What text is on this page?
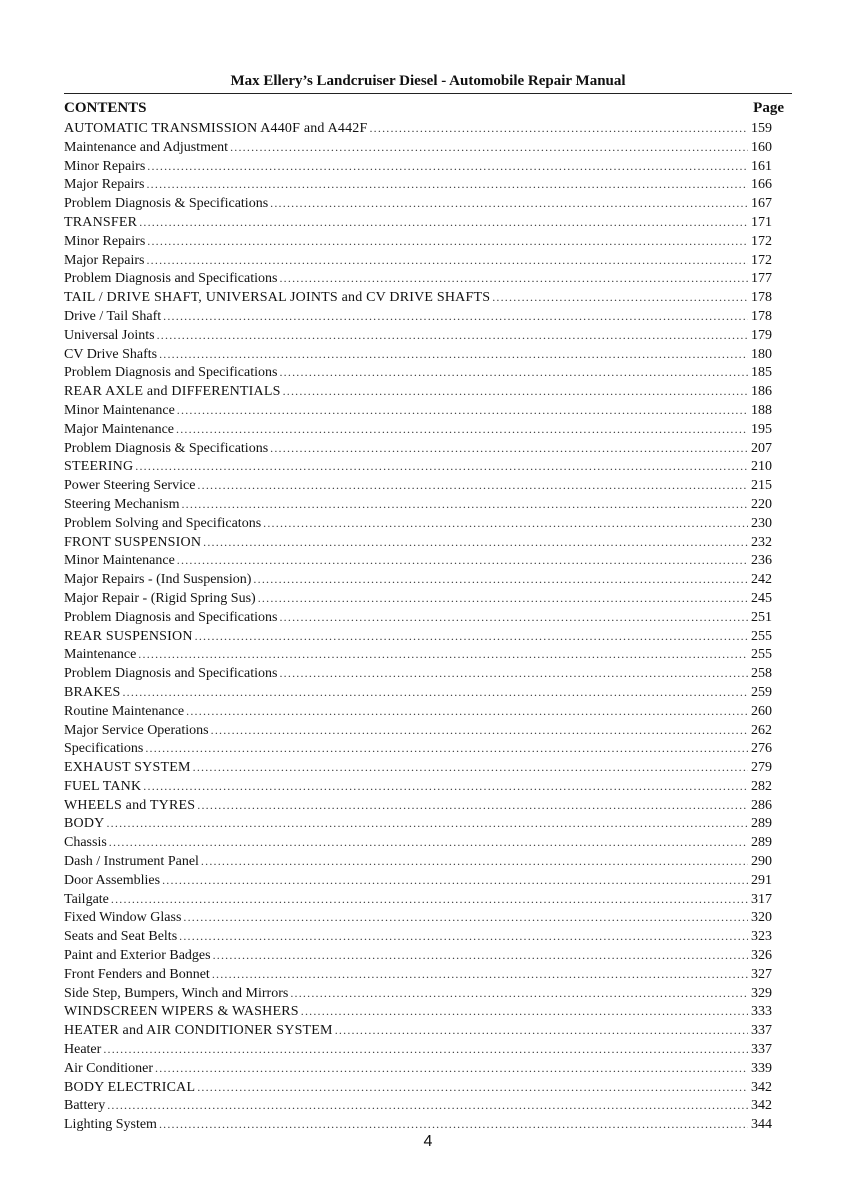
Max Ellery’s Landcruiser Diesel - Automobile Repair Manual
CONTENTS	Page
AUTOMATIC TRANSMISSION A440F and A442F .....	159
Maintenance and Adjustment .....	160
Minor Repairs .....	161
Major Repairs .....	166
Problem Diagnosis & Specifications .....	167
TRANSFER .....	171
Minor Repairs .....	172
Major Repairs .....	172
Problem Diagnosis and Specifications .....	177
TAIL / DRIVE SHAFT, UNIVERSAL JOINTS and CV DRIVE SHAFTS .....	178
Drive / Tail Shaft .....	178
Universal Joints .....	179
CV Drive Shafts .....	180
Problem Diagnosis and Specifications .....	185
REAR AXLE and DIFFERENTIALS .....	186
Minor Maintenance .....	188
Major Maintenance .....	195
Problem Diagnosis & Specifications .....	207
STEERING .....	210
Power Steering Service .....	215
Steering Mechanism .....	220
Problem Solving and Specificatons .....	230
FRONT SUSPENSION .....	232
Minor Maintenance .....	236
Major Repairs - (Ind Suspension) .....	242
Major Repair - (Rigid Spring Sus) .....	245
Problem Diagnosis and Specifications .....	251
REAR SUSPENSION .....	255
Maintenance .....	255
Problem Diagnosis and Specifications .....	258
BRAKES .....	259
Routine Maintenance .....	260
Major Service Operations .....	262
Specifications .....	276
EXHAUST SYSTEM .....	279
FUEL TANK .....	282
WHEELS and TYRES .....	286
BODY .....	289
Chassis .....	289
Dash / Instrument Panel .....	290
Door Assemblies .....	291
Tailgate .....	317
Fixed Window Glass .....	320
Seats and Seat Belts .....	323
Paint and Exterior Badges .....	326
Front Fenders and Bonnet .....	327
Side Step, Bumpers, Winch and Mirrors .....	329
WINDSCREEN WIPERS & WASHERS .....	333
HEATER and AIR CONDITIONER SYSTEM .....	337
Heater .....	337
Air Conditioner .....	339
BODY ELECTRICAL .....	342
Battery .....	342
Lighting System .....	344
4
